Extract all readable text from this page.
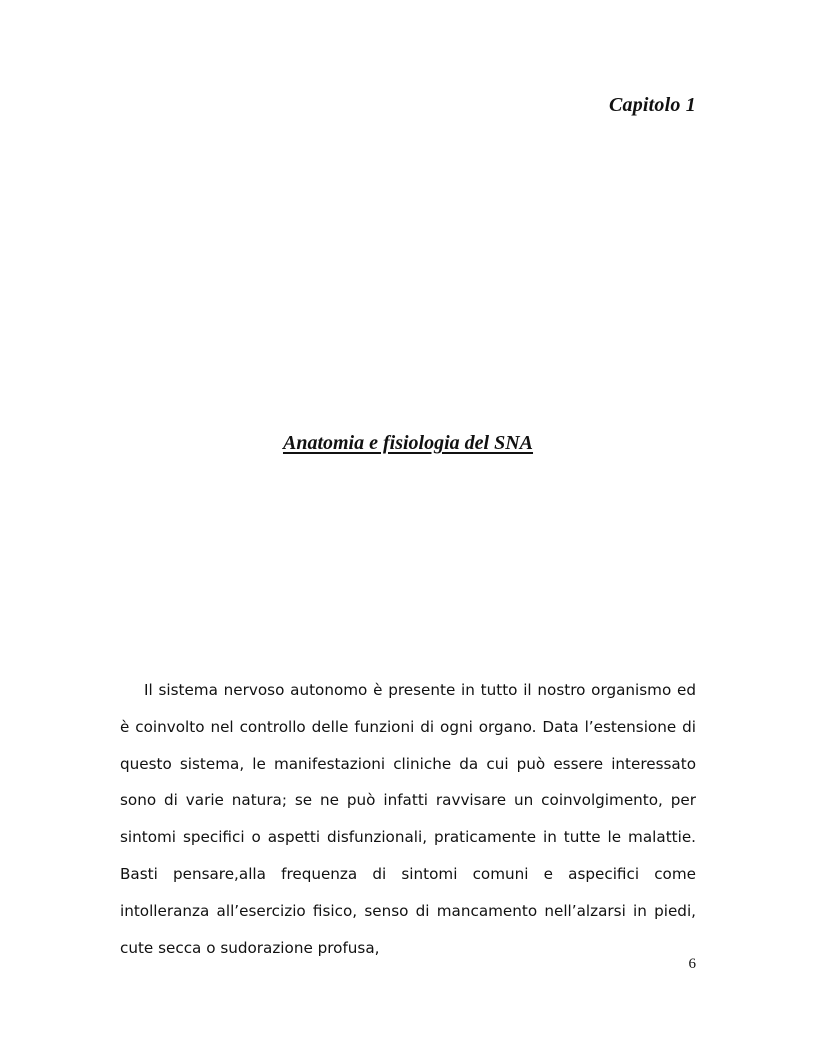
Capitolo 1
Anatomia e fisiologia del SNA

Il sistema nervoso autonomo è presente in tutto il nostro organismo ed è coinvolto nel controllo delle funzioni di ogni organo. Data l’estensione di questo sistema, le manifestazioni cliniche da cui può essere interessato sono di varie natura; se ne può infatti ravvisare un coinvolgimento, per sintomi specifici o aspetti disfunzionali, praticamente in tutte le malattie. Basti pensare,alla frequenza di sintomi comuni e aspecifici come intolleranza all’esercizio fisico, senso di mancamento nell’alzarsi in piedi, cute secca o sudorazione profusa,

6
